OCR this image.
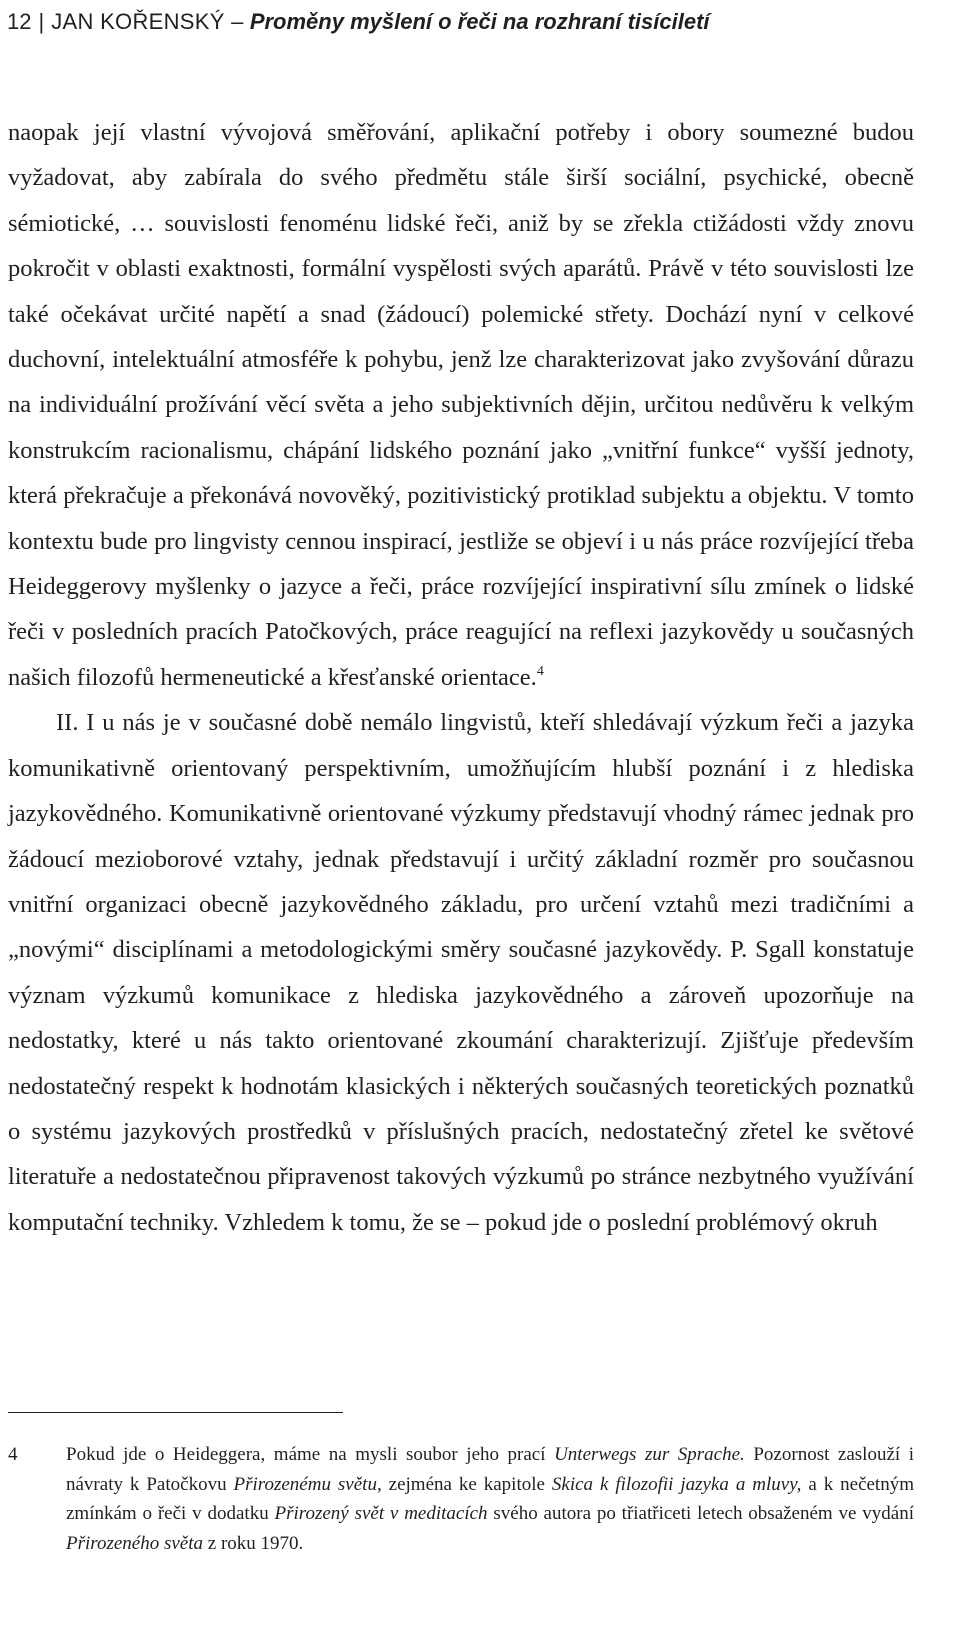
12 | JAN KOŘENSKÝ – Proměny myšlení o řeči na rozhraní tisíciletí

naopak její vlastní vývojová směřování, aplikační potřeby i obory soumezné budou vyžadovat, aby zabírala do svého předmětu stále širší sociální, psychické, obecně sémiotické, … souvislosti fenoménu lidské řeči, aniž by se zřekla ctižádosti vždy znovu pokročit v oblasti exaktnosti, formální vyspělosti svých aparátů. Právě v této souvislosti lze také očekávat určité napětí a snad (žádoucí) polemické střety. Dochází nyní v celkové duchovní, intelektuální atmosféře k pohybu, jenž lze charakterizovat jako zvyšování důrazu na individuální prožívání věcí světa a jeho subjektivních dějin, určitou nedůvěru k velkým konstrukcím racionalismu, chápání lidského poznání jako „vnitřní funkce“ vyšší jednoty, která překračuje a překonává novověký, pozitivistický protiklad subjektu a objektu. V tomto kontextu bude pro lingvisty cennou inspirací, jestliže se objeví i u nás práce rozvíjející třeba Heideggerovy myšlenky o jazyce a řeči, práce rozvíjející inspirativní sílu zmínek o lidské řeči v posledních pracích Patočkových, práce reagující na reflexi jazykovědy u současných našich filozofů hermeneutické a křesťanské orientace.$^4$

II. I u nás je v současné době nemálo lingvistů, kteří shledávají výzkum řeči a jazyka komunikativně orientovaný perspektivním, umožňujícím hlubší poznání i z hlediska jazykovědného. Komunikativně orientované výzkumy představují vhodný rámec jednak pro žádoucí mezioborové vztahy, jednak představují i určitý základní rozměr pro současnou vnitřní organizaci obecně jazykovědného základu, pro určení vztahů mezi tradičními a „novými“ disciplínami a metodologickými směry současné jazykovědy. P. Sgall konstatuje význam výzkumů komunikace z hlediska jazykovědného a zároveň upozorňuje na nedostatky, které u nás takto orientované zkoumání charakterizují. Zjišťuje především nedostatečný respekt k hodnotám klasických i některých současných teoretických poznatků o systému jazykových prostředků v příslušných pracích, nedostatečný zřetel ke světové literatuře a nedostatečnou připravenost takových výzkumů po stránce nezbytného využívání komputační techniky. Vzhledem k tomu, že se – pokud jde o poslední problémový okruh

4	Pokud jde o Heideggera, máme na mysli soubor jeho prací Unterwegs zur Sprache. Pozornost zaslouží i návraty k Patočkovu Přirozenému světu, zejména ke kapitole Skica k filozofii jazyka a mluvy, a k nečetným zmínkám o řeči v dodatku Přirozený svět v meditacích svého autora po třiatřiceti letech obsaženém ve vydání Přirozeného světa z roku 1970.
